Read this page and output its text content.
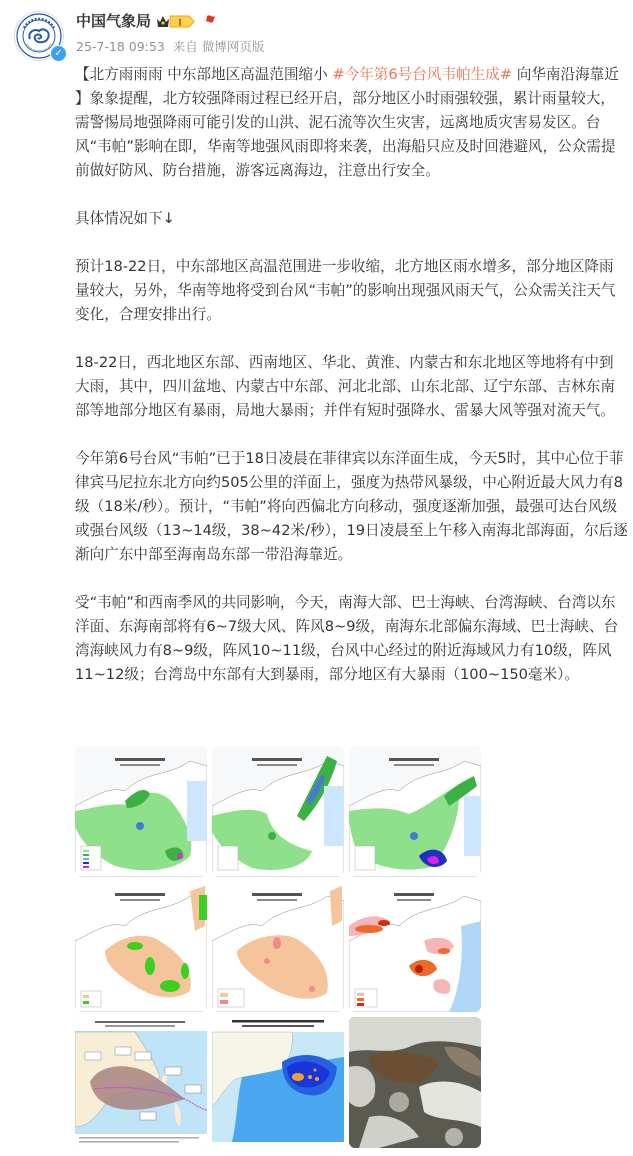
✓
中国气象局	I
25-7-18 09:53 来自 微博网页版

【北方雨雨雨 中东部地区高温范围缩小 #今年第6号台风韦帕生成# 向华南沿海靠近 】象象提醒，北方较强降雨过程已经开启，部分地区小时雨强较强，累计雨量较大，需警惕局地强降雨可能引发的山洪、泥石流等次生灾害，远离地质灾害易发区。台风“韦帕”影响在即，华南等地强风雨即将来袭，出海船只应及时回港避风，公众需提前做好防风、防台措施，游客远离海边，注意出行安全。

具体情况如下↓

预计18-22日，中东部地区高温范围进一步收缩，北方地区雨水增多，部分地区降雨量较大，另外，华南等地将受到台风“韦帕”的影响出现强风雨天气，公众需关注天气变化，合理安排出行。

18-22日，西北地区东部、西南地区、华北、黄淮、内蒙古和东北地区等地将有中到大雨，其中，四川盆地、内蒙古中东部、河北北部、山东北部、辽宁东部、吉林东南部等地部分地区有暴雨，局地大暴雨；并伴有短时强降水、雷暴大风等强对流天气。

今年第6号台风“韦帕”已于18日凌晨在菲律宾以东洋面生成，今天5时，其中心位于菲律宾马尼拉东北方向约505公里的洋面上，强度为热带风暴级，中心附近最大风力有8级（18米/秒）。预计，“韦帕”将向西偏北方向移动，强度逐渐加强，最强可达台风级或强台风级（13~14级，38~42米/秒），19日凌晨至上午移入南海北部海面，尔后逐渐向广东中部至海南岛东部一带沿海靠近。

受“韦帕”和西南季风的共同影响，今天，南海大部、巴士海峡、台湾海峡、台湾以东洋面、东海南部将有6~7级大风、阵风8~9级，南海东北部偏东海域、巴士海峡、台湾海峡风力有8~9级，阵风10~11级，台风中心经过的附近海域风力有10级，阵风11~12级；台湾岛中东部有大到暴雨，部分地区有大暴雨（100~150毫米）。
